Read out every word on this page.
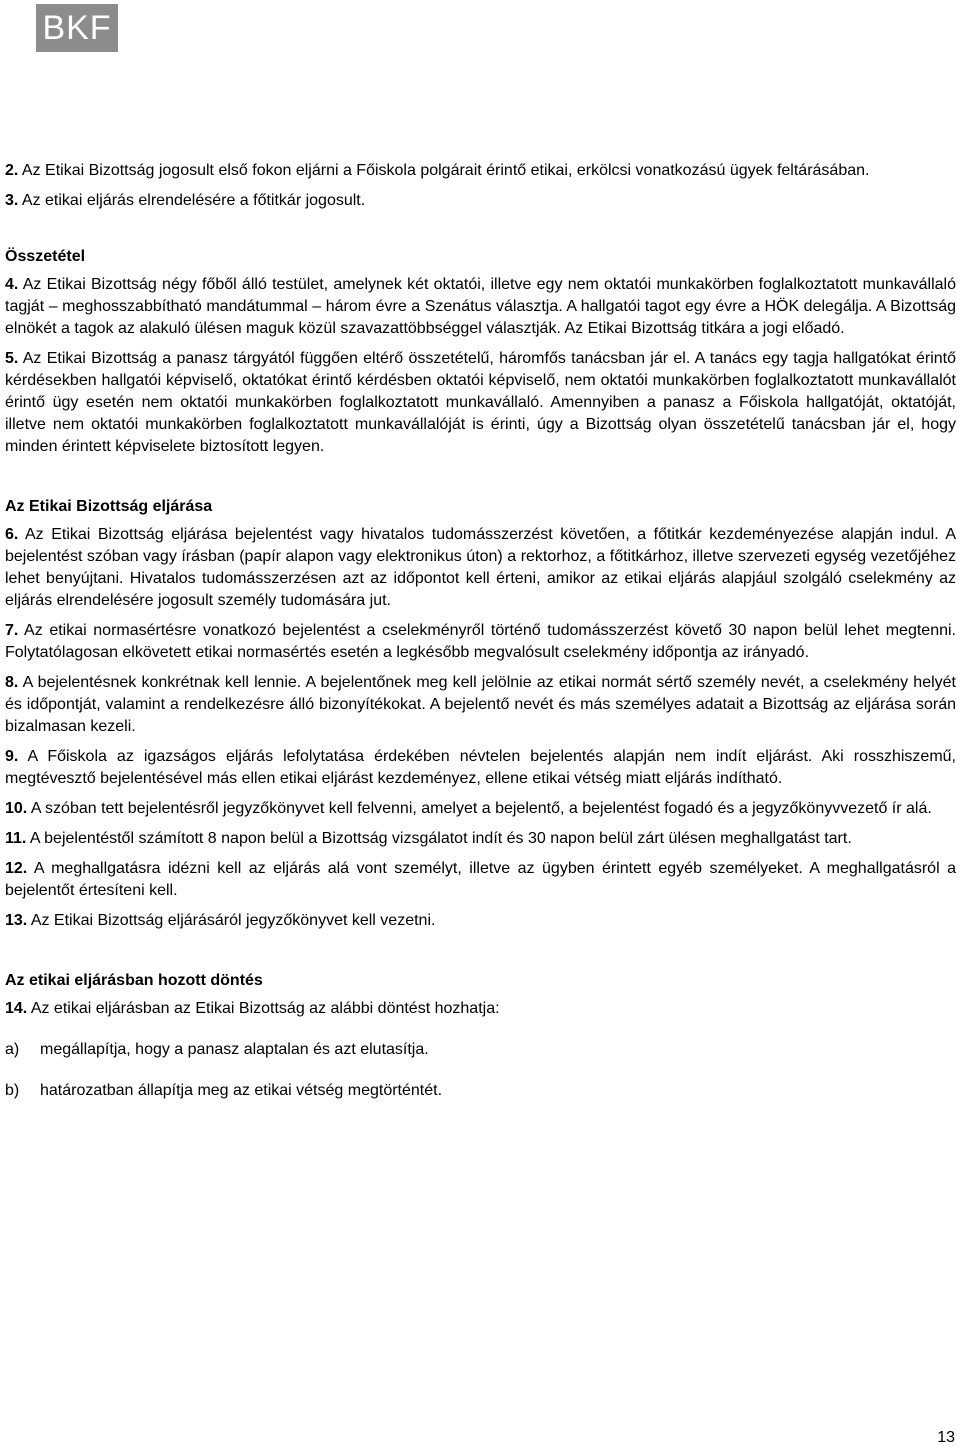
BKF

2. Az Etikai Bizottság jogosult első fokon eljárni a Főiskola polgárait érintő etikai, erkölcsi vonatkozású ügyek feltárásában.

3. Az etikai eljárás elrendelésére a főtitkár jogosult.

Összetétel

4. Az Etikai Bizottság négy főből álló testület, amelynek két oktatói, illetve egy nem oktatói munkakörben foglalkoztatott munkavállaló tagját – meghosszabbítható mandátummal – három évre a Szenátus választja. A hallgatói tagot egy évre a HÖK delegálja. A Bizottság elnökét a tagok az alakuló ülésen maguk közül szavazattöbbséggel választják. Az Etikai Bizottság titkára a jogi előadó.

5. Az Etikai Bizottság a panasz tárgyától függően eltérő összetételű, háromfős tanácsban jár el. A tanács egy tagja hallgatókat érintő kérdésekben hallgatói képviselő, oktatókat érintő kérdésben oktatói képviselő, nem oktatói munkakörben foglalkoztatott munkavállalót érintő ügy esetén nem oktatói munkakörben foglalkoztatott munkavállaló. Amennyiben a panasz a Főiskola hallgatóját, oktatóját, illetve nem oktatói munkakörben foglalkoztatott munkavállalóját is érinti, úgy a Bizottság olyan összetételű tanácsban jár el, hogy minden érintett képviselete biztosított legyen.

Az Etikai Bizottság eljárása

6. Az Etikai Bizottság eljárása bejelentést vagy hivatalos tudomásszerzést követően, a főtitkár kezdeményezése alapján indul. A bejelentést szóban vagy írásban (papír alapon vagy elektronikus úton) a rektorhoz, a főtitkárhoz, illetve szervezeti egység vezetőjéhez lehet benyújtani. Hivatalos tudomásszerzésen azt az időpontot kell érteni, amikor az etikai eljárás alapjául szolgáló cselekmény az eljárás elrendelésére jogosult személy tudomására jut.

7. Az etikai normasértésre vonatkozó bejelentést a cselekményről történő tudomásszerzést követő 30 napon belül lehet megtenni. Folytatólagosan elkövetett etikai normasértés esetén a legkésőbb megvalósult cselekmény időpontja az irányadó.

8. A bejelentésnek konkrétnak kell lennie. A bejelentőnek meg kell jelölnie az etikai normát sértő személy nevét, a cselekmény helyét és időpontját, valamint a rendelkezésre álló bizonyítékokat. A bejelentő nevét és más személyes adatait a Bizottság az eljárása során bizalmasan kezeli.

9. A Főiskola az igazságos eljárás lefolytatása érdekében névtelen bejelentés alapján nem indít eljárást. Aki rosszhiszemű, megtévesztő bejelentésével más ellen etikai eljárást kezdeményez, ellene etikai vétség miatt eljárás indítható.

10. A szóban tett bejelentésről jegyzőkönyvet kell felvenni, amelyet a bejelentő, a bejelentést fogadó és a jegyzőkönyvvezető ír alá.

11. A bejelentéstől számított 8 napon belül a Bizottság vizsgálatot indít és 30 napon belül zárt ülésen meghallgatást tart.

12. A meghallgatásra idézni kell az eljárás alá vont személyt, illetve az ügyben érintett egyéb személyeket. A meghallgatásról a bejelentőt értesíteni kell.

13. Az Etikai Bizottság eljárásáról jegyzőkönyvet kell vezetni.

Az etikai eljárásban hozott döntés

14. Az etikai eljárásban az Etikai Bizottság az alábbi döntést hozhatja:

a)	megállapítja, hogy a panasz alaptalan és azt elutasítja.
b)	határozatban állapítja meg az etikai vétség megtörténtét.
13
